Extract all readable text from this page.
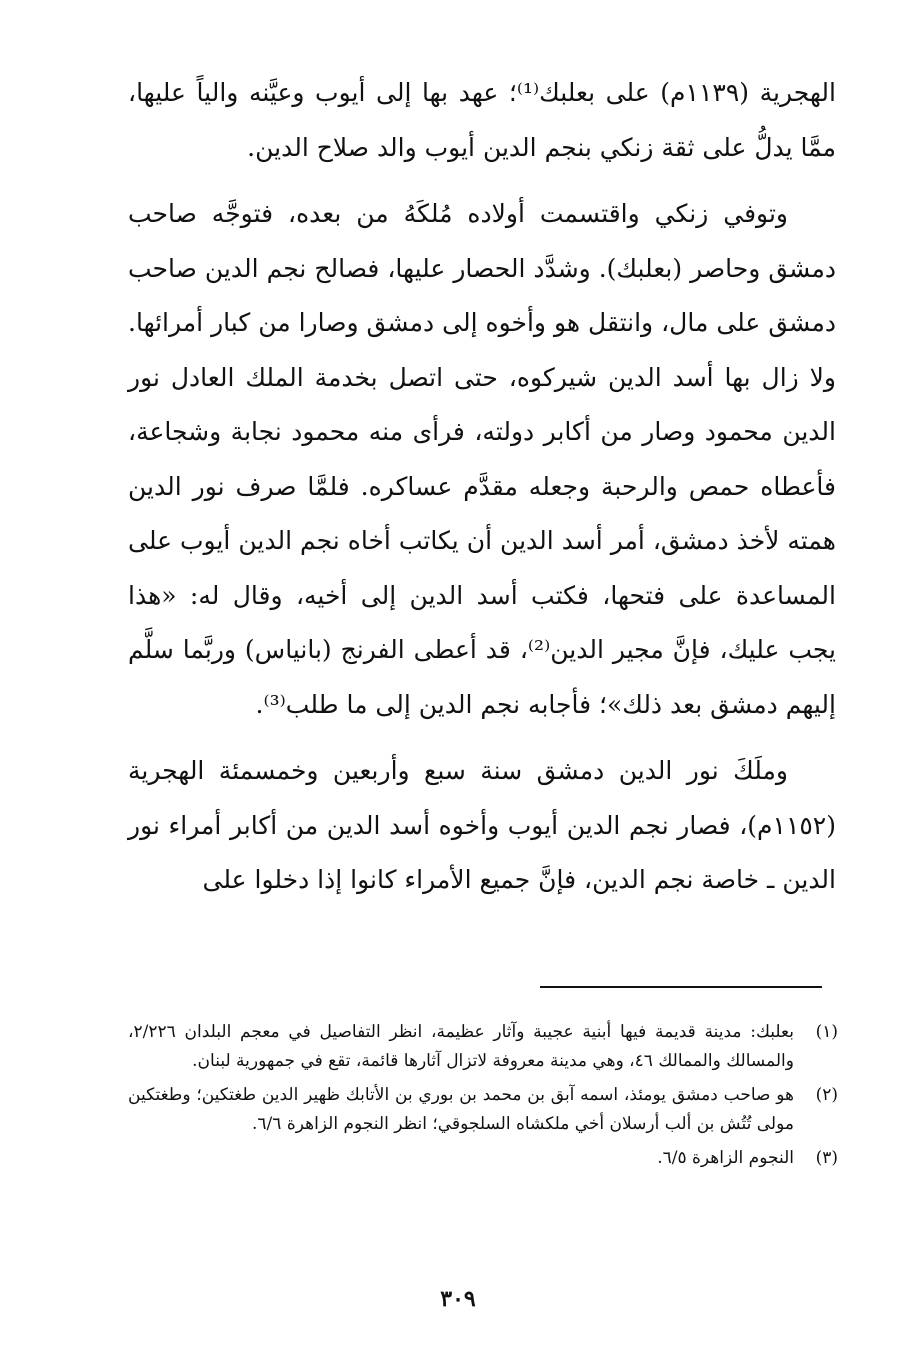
الهجرية (١١٣٩م) على بعلبك⁽¹⁾؛ عهد بها إلى أيوب وعيَّنه والياً عليها، ممَّا يدلُّ على ثقة زنكي بنجم الدين أيوب والد صلاح الدين.

وتوفي زنكي واقتسمت أولاده مُلكَهُ من بعده، فتوجَّه صاحب دمشق وحاصر (بعلبك). وشدَّد الحصار عليها، فصالح نجم الدين صاحب دمشق على مال، وانتقل هو وأخوه إلى دمشق وصارا من كبار أمرائها. ولا زال بها أسد الدين شيركوه، حتى اتصل بخدمة الملك العادل نور الدين محمود وصار من أكابر دولته، فرأى منه محمود نجابة وشجاعة، فأعطاه حمص والرحبة وجعله مقدَّم عساكره. فلمَّا صرف نور الدين همته لأخذ دمشق، أمر أسد الدين أن يكاتب أخاه نجم الدين أيوب على المساعدة على فتحها، فكتب أسد الدين إلى أخيه، وقال له: «هذا يجب عليك، فإنَّ مجير الدين⁽²⁾، قد أعطى الفرنج (بانياس) وربَّما سلَّم إليهم دمشق بعد ذلك»؛ فأجابه نجم الدين إلى ما طلب⁽³⁾.

وملَكَ نور الدين دمشق سنة سبع وأربعين وخمسمئة الهجرية (١١٥٢م)، فصار نجم الدين أيوب وأخوه أسد الدين من أكابر أمراء نور الدين ـ خاصة نجم الدين، فإنَّ جميع الأمراء كانوا إذا دخلوا على

(١)
بعلبك: مدينة قديمة فيها أبنية عجيبة وآثار عظيمة، انظر التفاصيل في معجم البلدان ٢/٢٢٦، والمسالك والممالك ٤٦، وهي مدينة معروفة لاتزال آثارها قائمة، تقع في جمهورية لبنان.
(٢)
هو صاحب دمشق يومئذ، اسمه آبق بن محمد بن بوري بن الأتابك ظهير الدين طغتكين؛ وطغتكين مولى تُتُش بن ألب أرسلان أخي ملكشاه السلجوقي؛ انظر النجوم الزاهرة ٦/٦.
(٣)
النجوم الزاهرة ٦/٥.
٣٠٩
